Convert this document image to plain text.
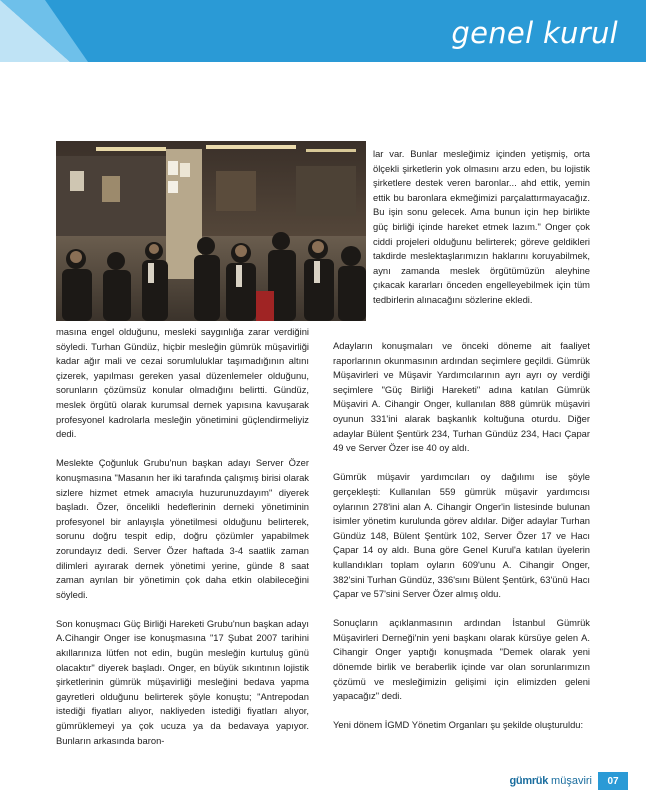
genel kurul

lar var. Bunlar mesleğimiz içinden yetişmiş, orta ölçekli şirketlerin yok olmasını arzu eden, bu lojistik şirketlere destek veren baronlar... ahd ettik, yemin ettik bu baronlara ekmeğimizi parçalattırmayacağız. Bu işin sonu gelecek. Ama bunun için hep birlikte güç birliği içinde hareket etmek lazım." Onger çok ciddi projeleri olduğunu belirterek; göreve geldikleri takdirde meslektaşlarımızın haklarını koruyabilmek, aynı zamanda meslek örgütümüzün aleyhine çıkacak kararları önceden engelleyebilmek için tüm tedbirlerin alınacağını sözlerine ekledi.

masına engel olduğunu, mesleki saygınlığa zarar verdiğini söyledi. Turhan Gündüz, hiçbir mesleğin gümrük müşavirliği kadar ağır mali ve cezai sorumluluklar taşımadığının altını çizerek, yapılması gereken yasal düzenlemeler olduğunu, sorunların çözümsüz konular olmadığını belirtti. Gündüz, meslek örgütü olarak kurumsal dernek yapısına kavuşarak profesyonel kadrolarla mesleğin yönetimini güçlendirmeliyiz dedi.

Meslekte Çoğunluk Grubu'nun başkan adayı Server Özer konuşmasına "Masanın her iki tarafında çalışmış birisi olarak sizlere hizmet etmek amacıyla huzurunuzdayım" diyerek başladı. Özer, öncelikli hedeflerinin derneki yönetiminin profesyonel bir anlayışla yönetilmesi olduğunu belirterek, sorunu doğru tespit edip, doğru çözümler yapabilmek zorundayız dedi. Server Özer haftada 3-4 saatlik zaman dilimleri ayırarak dernek yönetimi yerine, günde 8 saat zaman ayrılan bir yönetimin çok daha etkin olabileceğini söyledi.

Son konuşmacı Güç Birliği Hareketi Grubu'nun başkan adayı A.Cihangir Onger ise konuşmasına "17 Şubat 2007 tarihini akıllarınıza lütfen not edin, bugün mesleğin kurtuluş günü olacaktır" diyerek başladı. Onger, en büyük sıkıntının lojistik şirketlerinin gümrük müşavirliği mesleğini bedava yapma gayretleri olduğunu belirterek şöyle konuştu; "Antrepodan istediği fiyatları alıyor, nakliyeden istediği fiyatları alıyor, gümrüklemeyi ya çok ucuza ya da bedavaya yapıyor. Bunların arkasında baron-

Adayların konuşmaları ve önceki döneme ait faaliyet raporlarının okunmasının ardından seçimlere geçildi. Gümrük Müşavirleri ve Müşavir Yardımcılarının ayrı ayrı oy verdiği seçimlere "Güç Birliği Hareketi" adına katılan Gümrük Müşaviri A. Cihangir Onger, kullanılan 888 gümrük müşaviri oyunun 331'ini alarak başkanlık koltuğuna oturdu. Diğer adaylar Bülent Şentürk 234, Turhan Gündüz 234, Hacı Çapar 49 ve Server Özer ise 40 oy aldı.

Gümrük müşavir yardımcıları oy dağılımı ise şöyle gerçekleşti: Kullanılan 559 gümrük müşavir yardımcısı oylarının 278'ini alan A. Cihangir Onger'in listesinde bulunan isimler yönetim kurulunda görev aldılar. Diğer adaylar Turhan Gündüz 148, Bülent Şentürk 102, Server Özer 17 ve Hacı Çapar 14 oy aldı. Buna göre Genel Kurul'a katılan üyelerin kullandıkları toplam oyların 609'unu A. Cihangir Onger, 382'sini Turhan Gündüz, 336'sını Bülent Şentürk, 63'ünü Hacı Çapar ve 57'sini Server Özer almış oldu.

Sonuçların açıklanmasının ardından İstanbul Gümrük Müşavirleri Derneği'nin yeni başkanı olarak kürsüye gelen A. Cihangir Onger yaptığı konuşmada "Demek olarak yeni dönemde birlik ve beraberlik içinde var olan sorunlarımızın çözümü ve mesleğimizin gelişimi için elimizden geleni yapacağız" dedi.

Yeni dönem İGMD Yönetim Organları şu şekilde oluşturuldu:

gümrük müşaviri	07
